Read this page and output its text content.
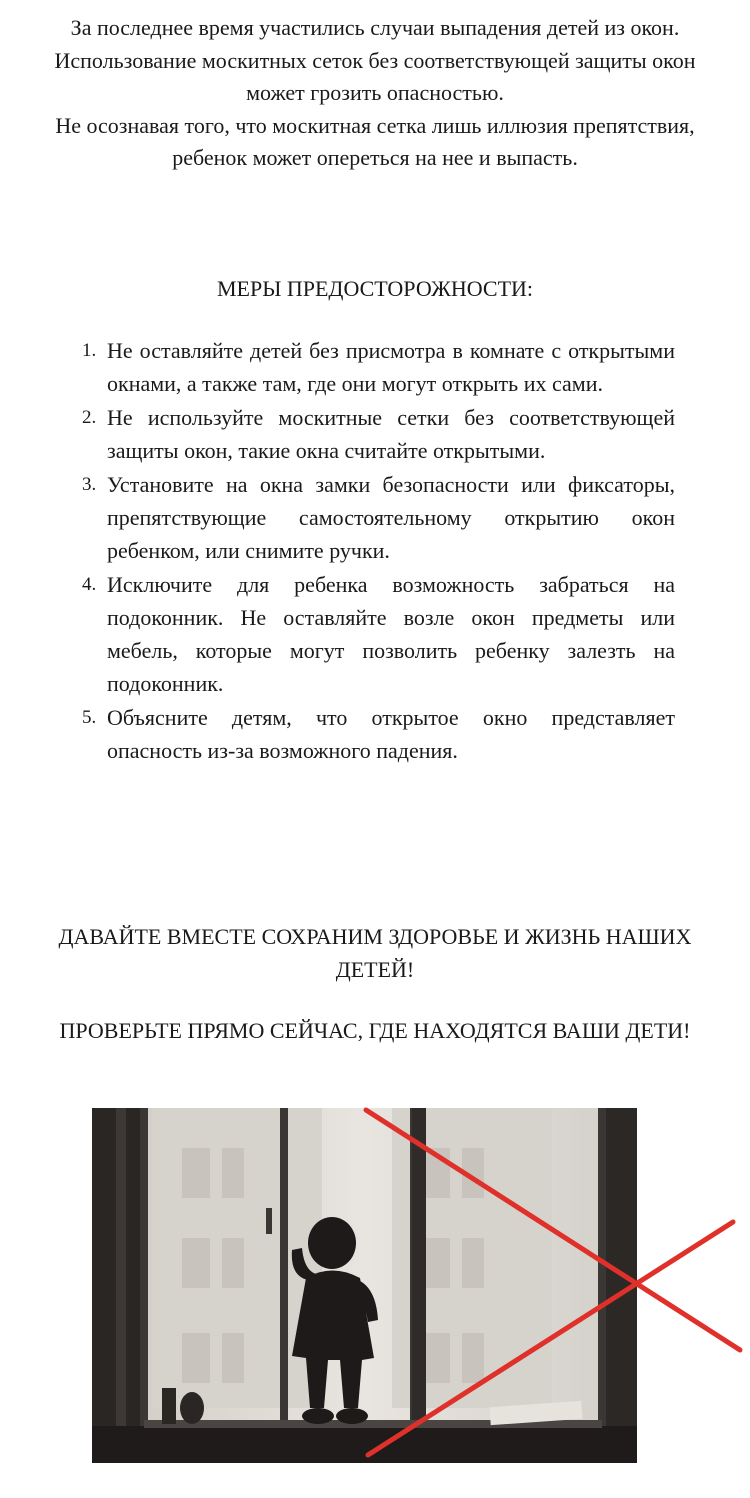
За последнее время участились случаи выпадения детей из окон. Использование москитных сеток без соответствующей защиты окон может грозить опасностью.

Не осознавая того, что москитная сетка лишь иллюзия препятствия, ребенок может опереться на нее и выпасть.

МЕРЫ ПРЕДОСТОРОЖНОСТИ:
1. Не оставляйте детей без присмотра в комнате с открытыми окнами, а также там, где они могут открыть их сами.
2. Не используйте москитные сетки без соответствующей защиты окон, такие окна считайте открытыми.
3. Установите на окна замки безопасности или фиксаторы, препятствующие самостоятельному открытию окон ребенком, или снимите ручки.
4. Исключите для ребенка возможность забраться на подоконник. Не оставляйте возле окон предметы или мебель, которые могут позволить ребенку залезть на подоконник.
5. Объясните детям, что открытое окно представляет опасность из-за возможного падения.
ДАВАЙТЕ ВМЕСТЕ СОХРАНИМ ЗДОРОВЬЕ И ЖИЗНЬ НАШИХ ДЕТЕЙ!
ПРОВЕРЬТЕ ПРЯМО СЕЙЧАС, ГДЕ НАХОДЯТСЯ ВАШИ ДЕТИ!
